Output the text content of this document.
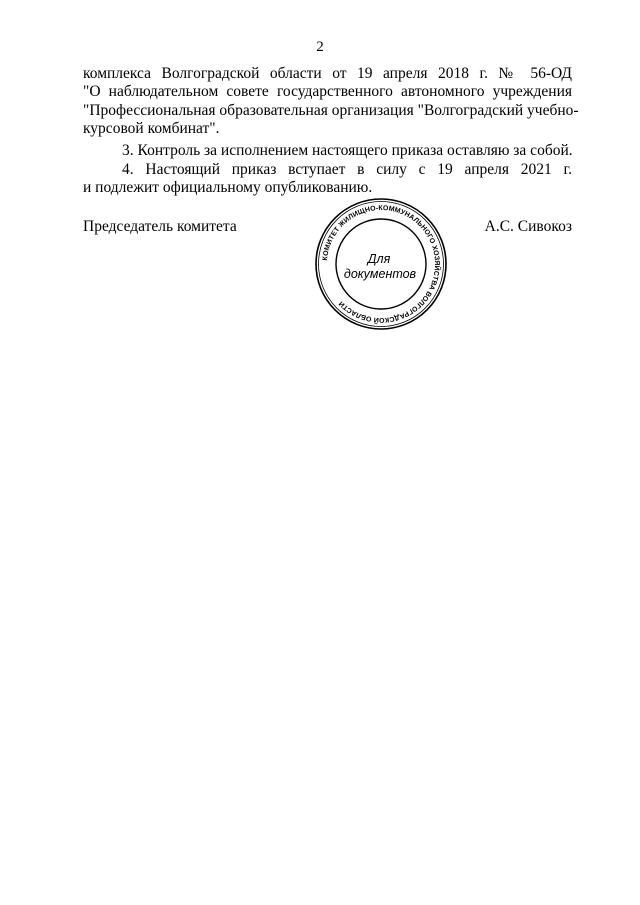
2
комплекса Волгоградской области от 19 апреля 2018 г. № 56-ОД
"О наблюдательном совете государственного автономного учреждения
"Профессиональная образовательная организация "Волгоградский учебно-
курсовой комбинат".
3. Контроль за исполнением настоящего приказа оставляю за собой.
4. Настоящий приказ вступает в силу с 19 апреля 2021 г.
и подлежит официальному опубликованию.
Председатель комитета	А.С. Сивокоз
КОМИТЕТ ЖИЛИЩНО-КОММУНАЛЬНОГО ХОЗЯЙСТВА ВОЛГОГРАДСКОЙ ОБЛАСТИ
Для
документов
